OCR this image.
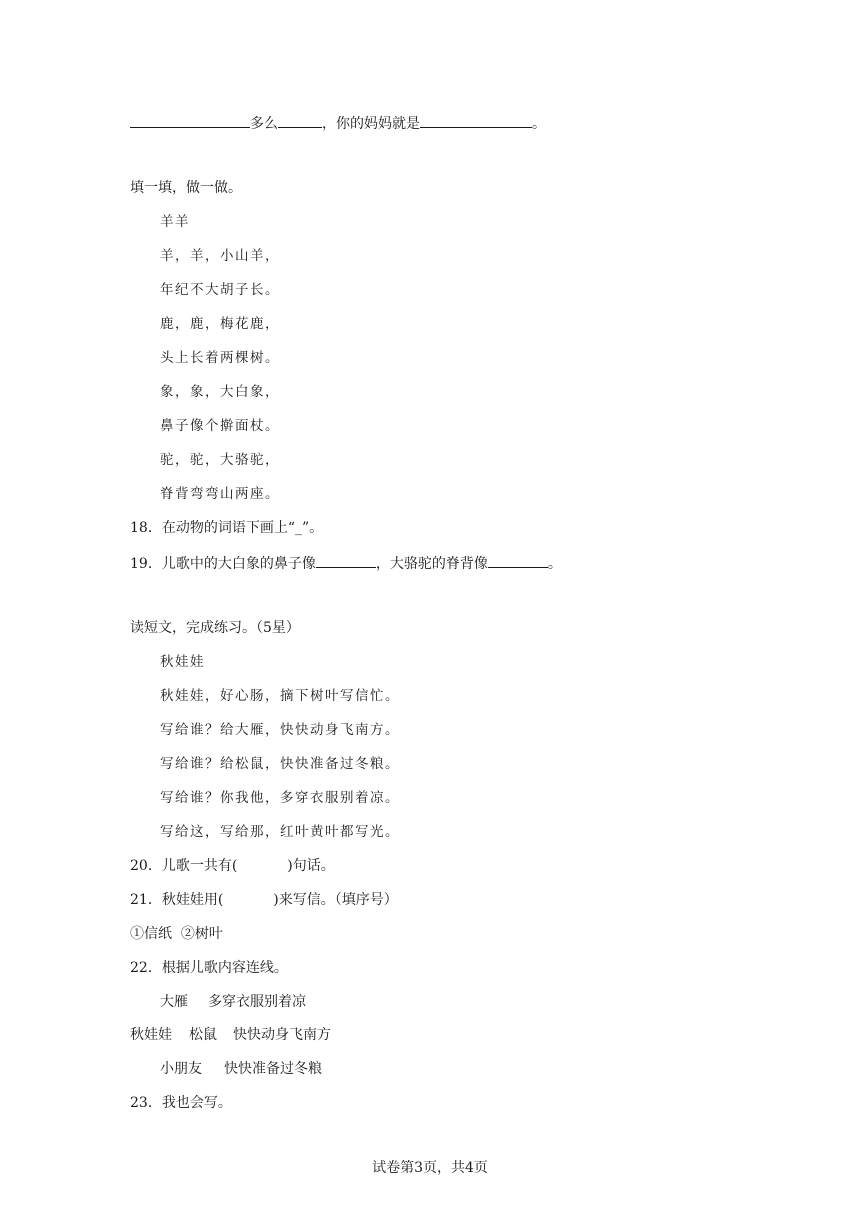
多么	，你的妈妈就是	。
填一填，做一做。
羊羊
羊，羊，小山羊，
年纪不大胡子长。
鹿，鹿，梅花鹿，
头上长着两棵树。
象，象，大白象，
鼻子像个擀面杖。
驼，驼，大骆驼，
脊背弯弯山两座。
18．在动物的词语下画上“_”。
19．儿歌中的大白象的鼻子像	，大骆驼的脊背像	。
读短文，完成练习。（5星）
秋娃娃
秋娃娃，好心肠，摘下树叶写信忙。
写给谁？给大雁，快快动身飞南方。
写给谁？给松鼠，快快准备过冬粮。
写给谁？你我他，多穿衣服别着凉。
写给这，写给那，红叶黄叶都写光。
20．儿歌一共有(	)句话。
21．秋娃娃用(	)来写信。（填序号）
①信纸  ②树叶
22．根据儿歌内容连线。
大雁 多穿衣服别着凉
秋娃娃 松鼠 快快动身飞南方
小朋友 快快准备过冬粮
23．我也会写。
试卷第3页，共4页
